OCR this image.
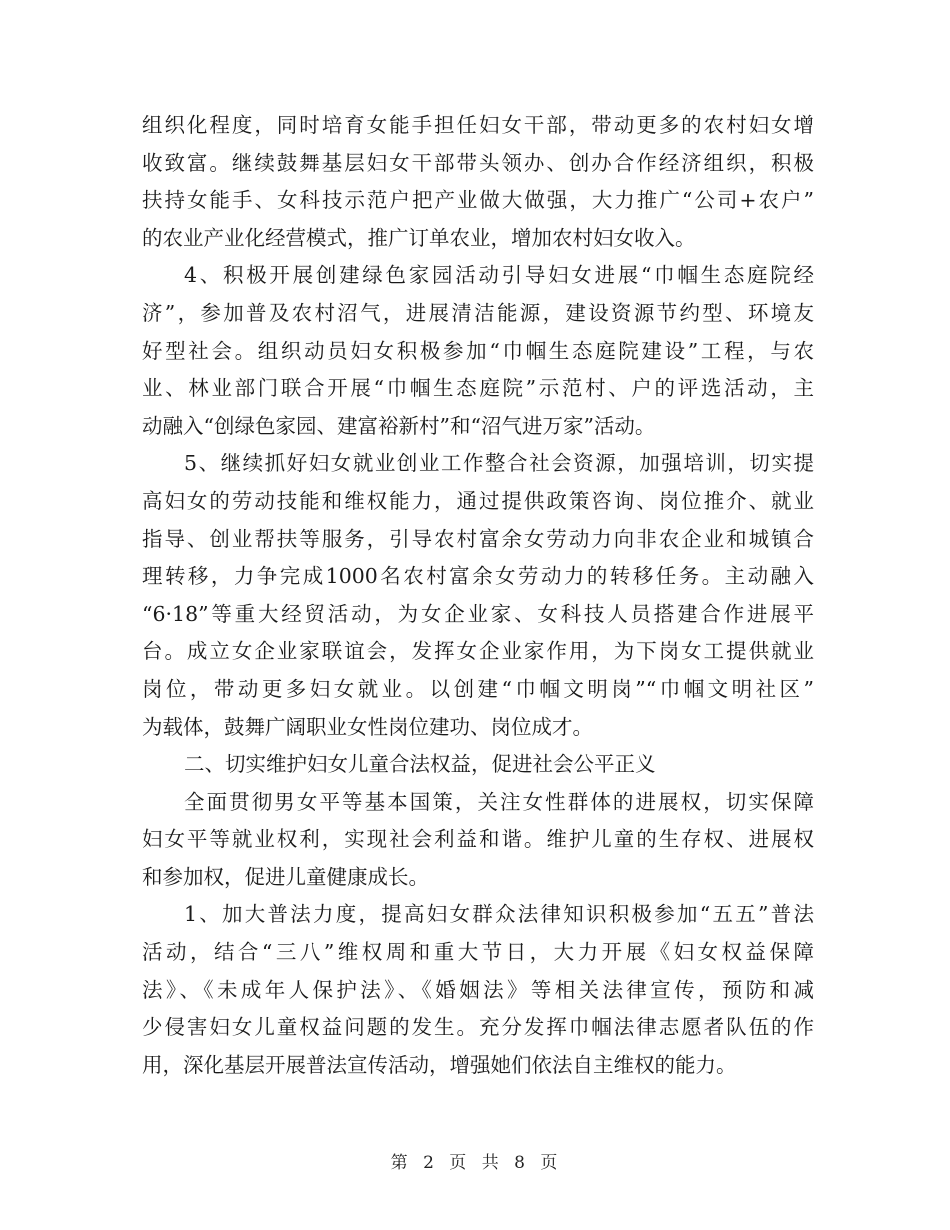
组织化程度，同时培育女能手担任妇女干部，带动更多的农村妇女增
收致富。继续鼓舞基层妇女干部带头领办、创办合作经济组织，积极
扶持女能手、女科技示范户把产业做大做强，大力推广“公司+农户”
的农业产业化经营模式，推广订单农业，增加农村妇女收入。
4、积极开展创建绿色家园活动引导妇女进展“巾帼生态庭院经
济”，参加普及农村沼气，进展清洁能源，建设资源节约型、环境友
好型社会。组织动员妇女积极参加“巾帼生态庭院建设”工程，与农
业、林业部门联合开展“巾帼生态庭院”示范村、户的评选活动，主
动融入“创绿色家园、建富裕新村”和“沼气进万家”活动。
5、继续抓好妇女就业创业工作整合社会资源，加强培训，切实提
高妇女的劳动技能和维权能力，通过提供政策咨询、岗位推介、就业
指导、创业帮扶等服务，引导农村富余女劳动力向非农企业和城镇合
理转移，力争完成1000名农村富余女劳动力的转移任务。主动融入
“6·18”等重大经贸活动，为女企业家、女科技人员搭建合作进展平
台。成立女企业家联谊会，发挥女企业家作用，为下岗女工提供就业
岗位，带动更多妇女就业。以创建“巾帼文明岗”“巾帼文明社区”
为载体，鼓舞广阔职业女性岗位建功、岗位成才。
二、切实维护妇女儿童合法权益，促进社会公平正义
全面贯彻男女平等基本国策，关注女性群体的进展权，切实保障
妇女平等就业权利，实现社会利益和谐。维护儿童的生存权、进展权
和参加权，促进儿童健康成长。
1、加大普法力度，提高妇女群众法律知识积极参加“五五”普法
活动，结合“三八”维权周和重大节日，大力开展《妇女权益保障
法》、《未成年人保护法》、《婚姻法》等相关法律宣传，预防和减
少侵害妇女儿童权益问题的发生。充分发挥巾帼法律志愿者队伍的作
用，深化基层开展普法宣传活动，增强她们依法自主维权的能力。
第 2 页 共 8 页
